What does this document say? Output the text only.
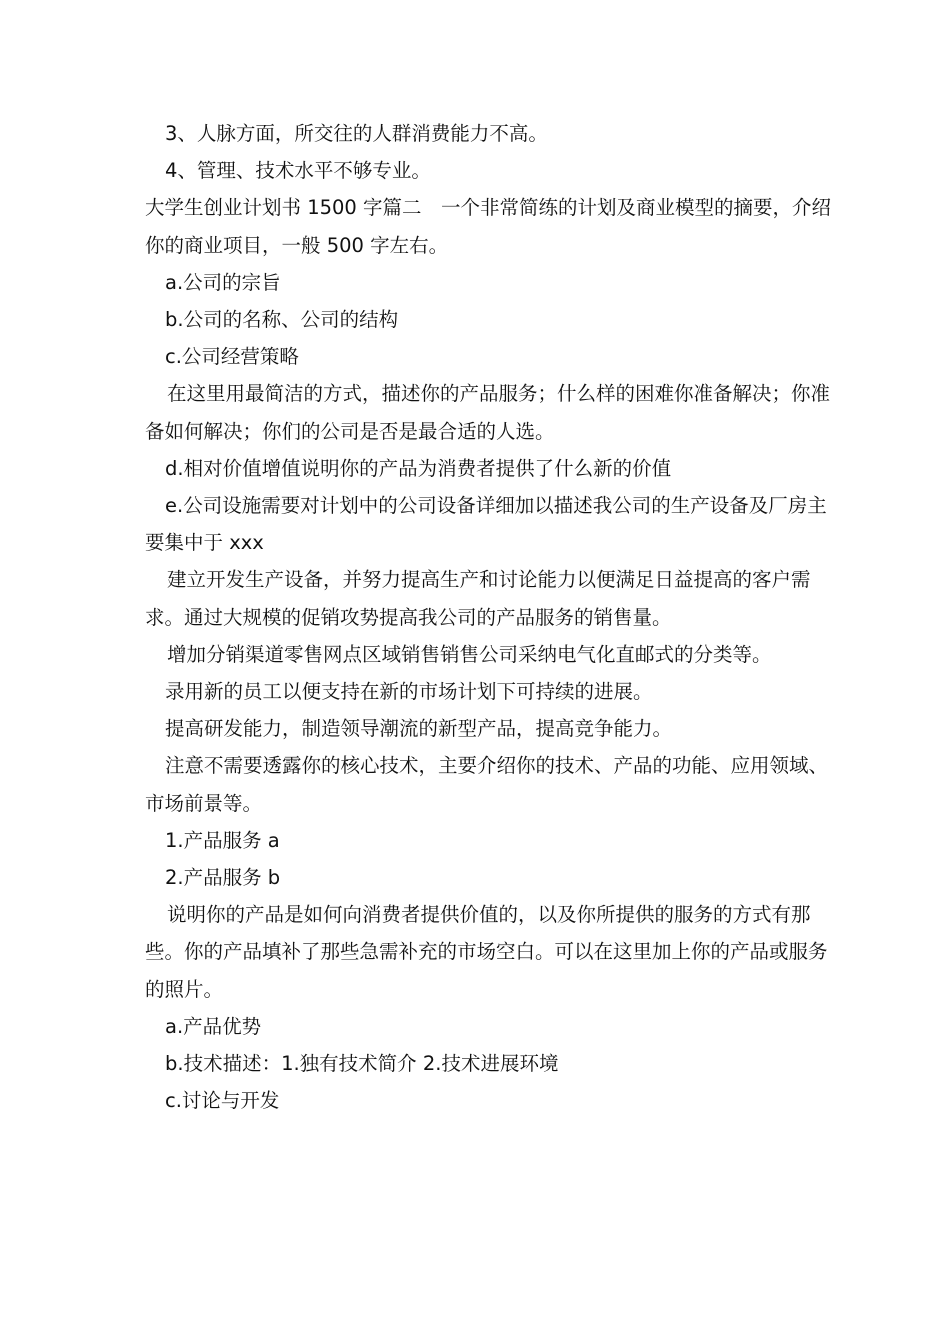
3、人脉方面，所交往的人群消费能力不高。

4、管理、技术水平不够专业。

大学生创业计划书 1500 字篇二　一个非常简练的计划及商业模型的摘要，介绍你的商业项目，一般 500 字左右。

a.公司的宗旨

b.公司的名称、公司的结构

c.公司经营策略

在这里用最简洁的方式，描述你的产品服务；什么样的困难你准备解决；你准备如何解决；你们的公司是否是最合适的人选。

d.相对价值增值说明你的产品为消费者提供了什么新的价值

e.公司设施需要对计划中的公司设备详细加以描述我公司的生产设备及厂房主要集中于 xxx

建立开发生产设备，并努力提高生产和讨论能力以便满足日益提高的客户需求。通过大规模的促销攻势提高我公司的产品服务的销售量。

增加分销渠道零售网点区域销售销售公司采纳电气化直邮式的分类等。

录用新的员工以便支持在新的市场计划下可持续的进展。

提高研发能力，制造领导潮流的新型产品，提高竞争能力。

注意不需要透露你的核心技术，主要介绍你的技术、产品的功能、应用领域、市场前景等。

1.产品服务 a

2.产品服务 b

说明你的产品是如何向消费者提供价值的，以及你所提供的服务的方式有那些。你的产品填补了那些急需补充的市场空白。可以在这里加上你的产品或服务的照片。

a.产品优势

b.技术描述：1.独有技术简介 2.技术进展环境

c.讨论与开发
